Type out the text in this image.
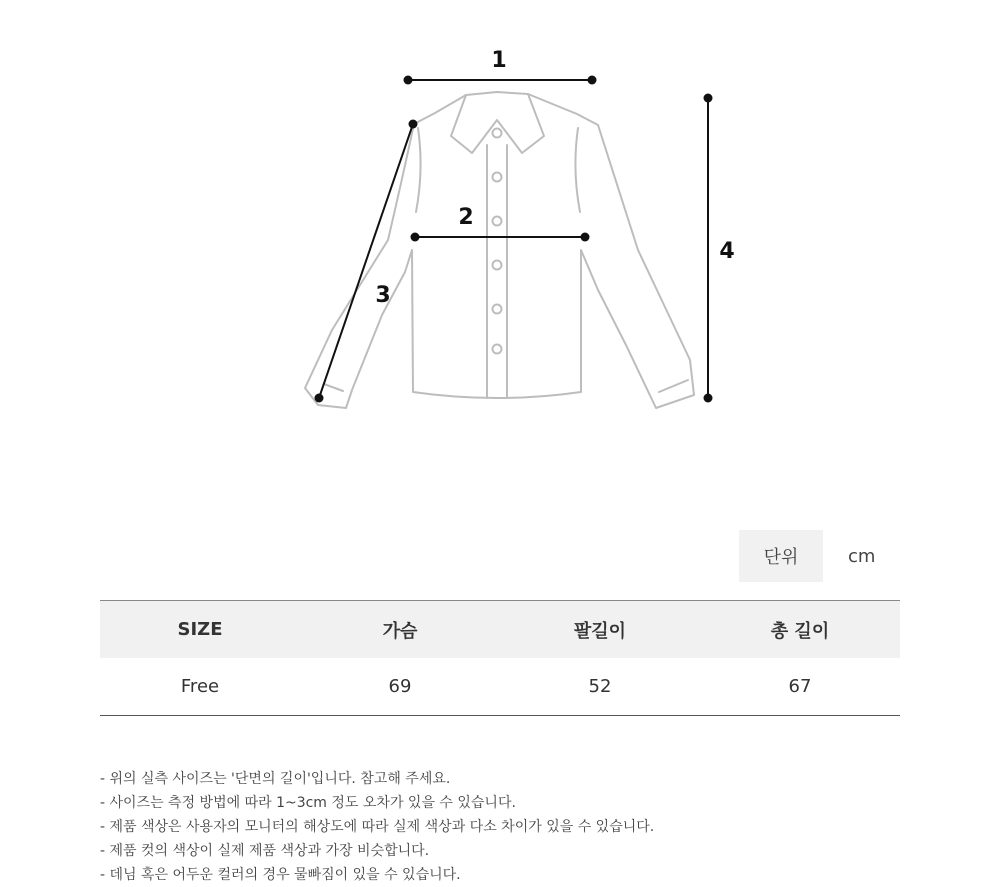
1
2
3
4
단위	cm
SIZE	가슴	팔길이	총 길이
Free	69	52	67
- 위의 실측 사이즈는 '단면의 길이'입니다. 참고해 주세요.
- 사이즈는 측정 방법에 따라 1~3cm 정도 오차가 있을 수 있습니다.
- 제품 색상은 사용자의 모니터의 해상도에 따라 실제 색상과 다소 차이가 있을 수 있습니다.
- 제품 컷의 색상이 실제 제품 색상과 가장 비슷합니다.
- 데님 혹은 어두운 컬러의 경우 물빠짐이 있을 수 있습니다.
